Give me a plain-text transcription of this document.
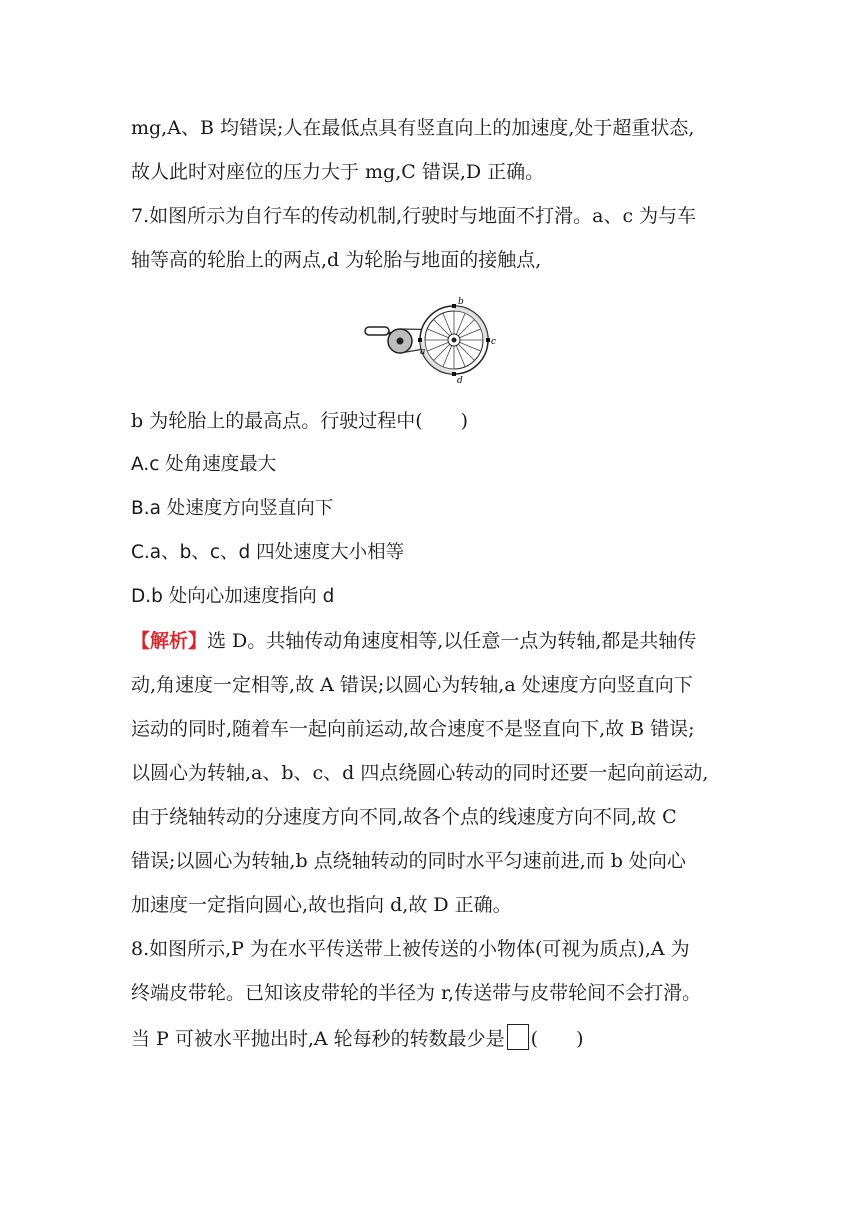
mg,A、B 均错误;人在最低点具有竖直向上的加速度,处于超重状态,
故人此时对座位的压力大于 mg,C 错误,D 正确。
7.如图所示为自行车的传动机制,行驶时与地面不打滑。a、c 为与车
轴等高的轮胎上的两点,d 为轮胎与地面的接触点,
b
c
d
a
b 为轮胎上的最高点。行驶过程中(　　)
A.c 处角速度最大
B.a 处速度方向竖直向下
C.a、b、c、d 四处速度大小相等
D.b 处向心加速度指向 d
【解析】选 D。共轴传动角速度相等,以任意一点为转轴,都是共轴传
动,角速度一定相等,故 A 错误;以圆心为转轴,a 处速度方向竖直向下
运动的同时,随着车一起向前运动,故合速度不是竖直向下,故 B 错误;
以圆心为转轴,a、b、c、d 四点绕圆心转动的同时还要一起向前运动,
由于绕轴转动的分速度方向不同,故各个点的线速度方向不同,故 C
错误;以圆心为转轴,b 点绕轴转动的同时水平匀速前进,而 b 处向心
加速度一定指向圆心,故也指向 d,故 D 正确。
8.如图所示,P 为在水平传送带上被传送的小物体(可视为质点),A 为
终端皮带轮。已知该皮带轮的半径为 r,传送带与皮带轮间不会打滑。
当 P 可被水平抛出时,A 轮每秒的转数最少是 (　　)
